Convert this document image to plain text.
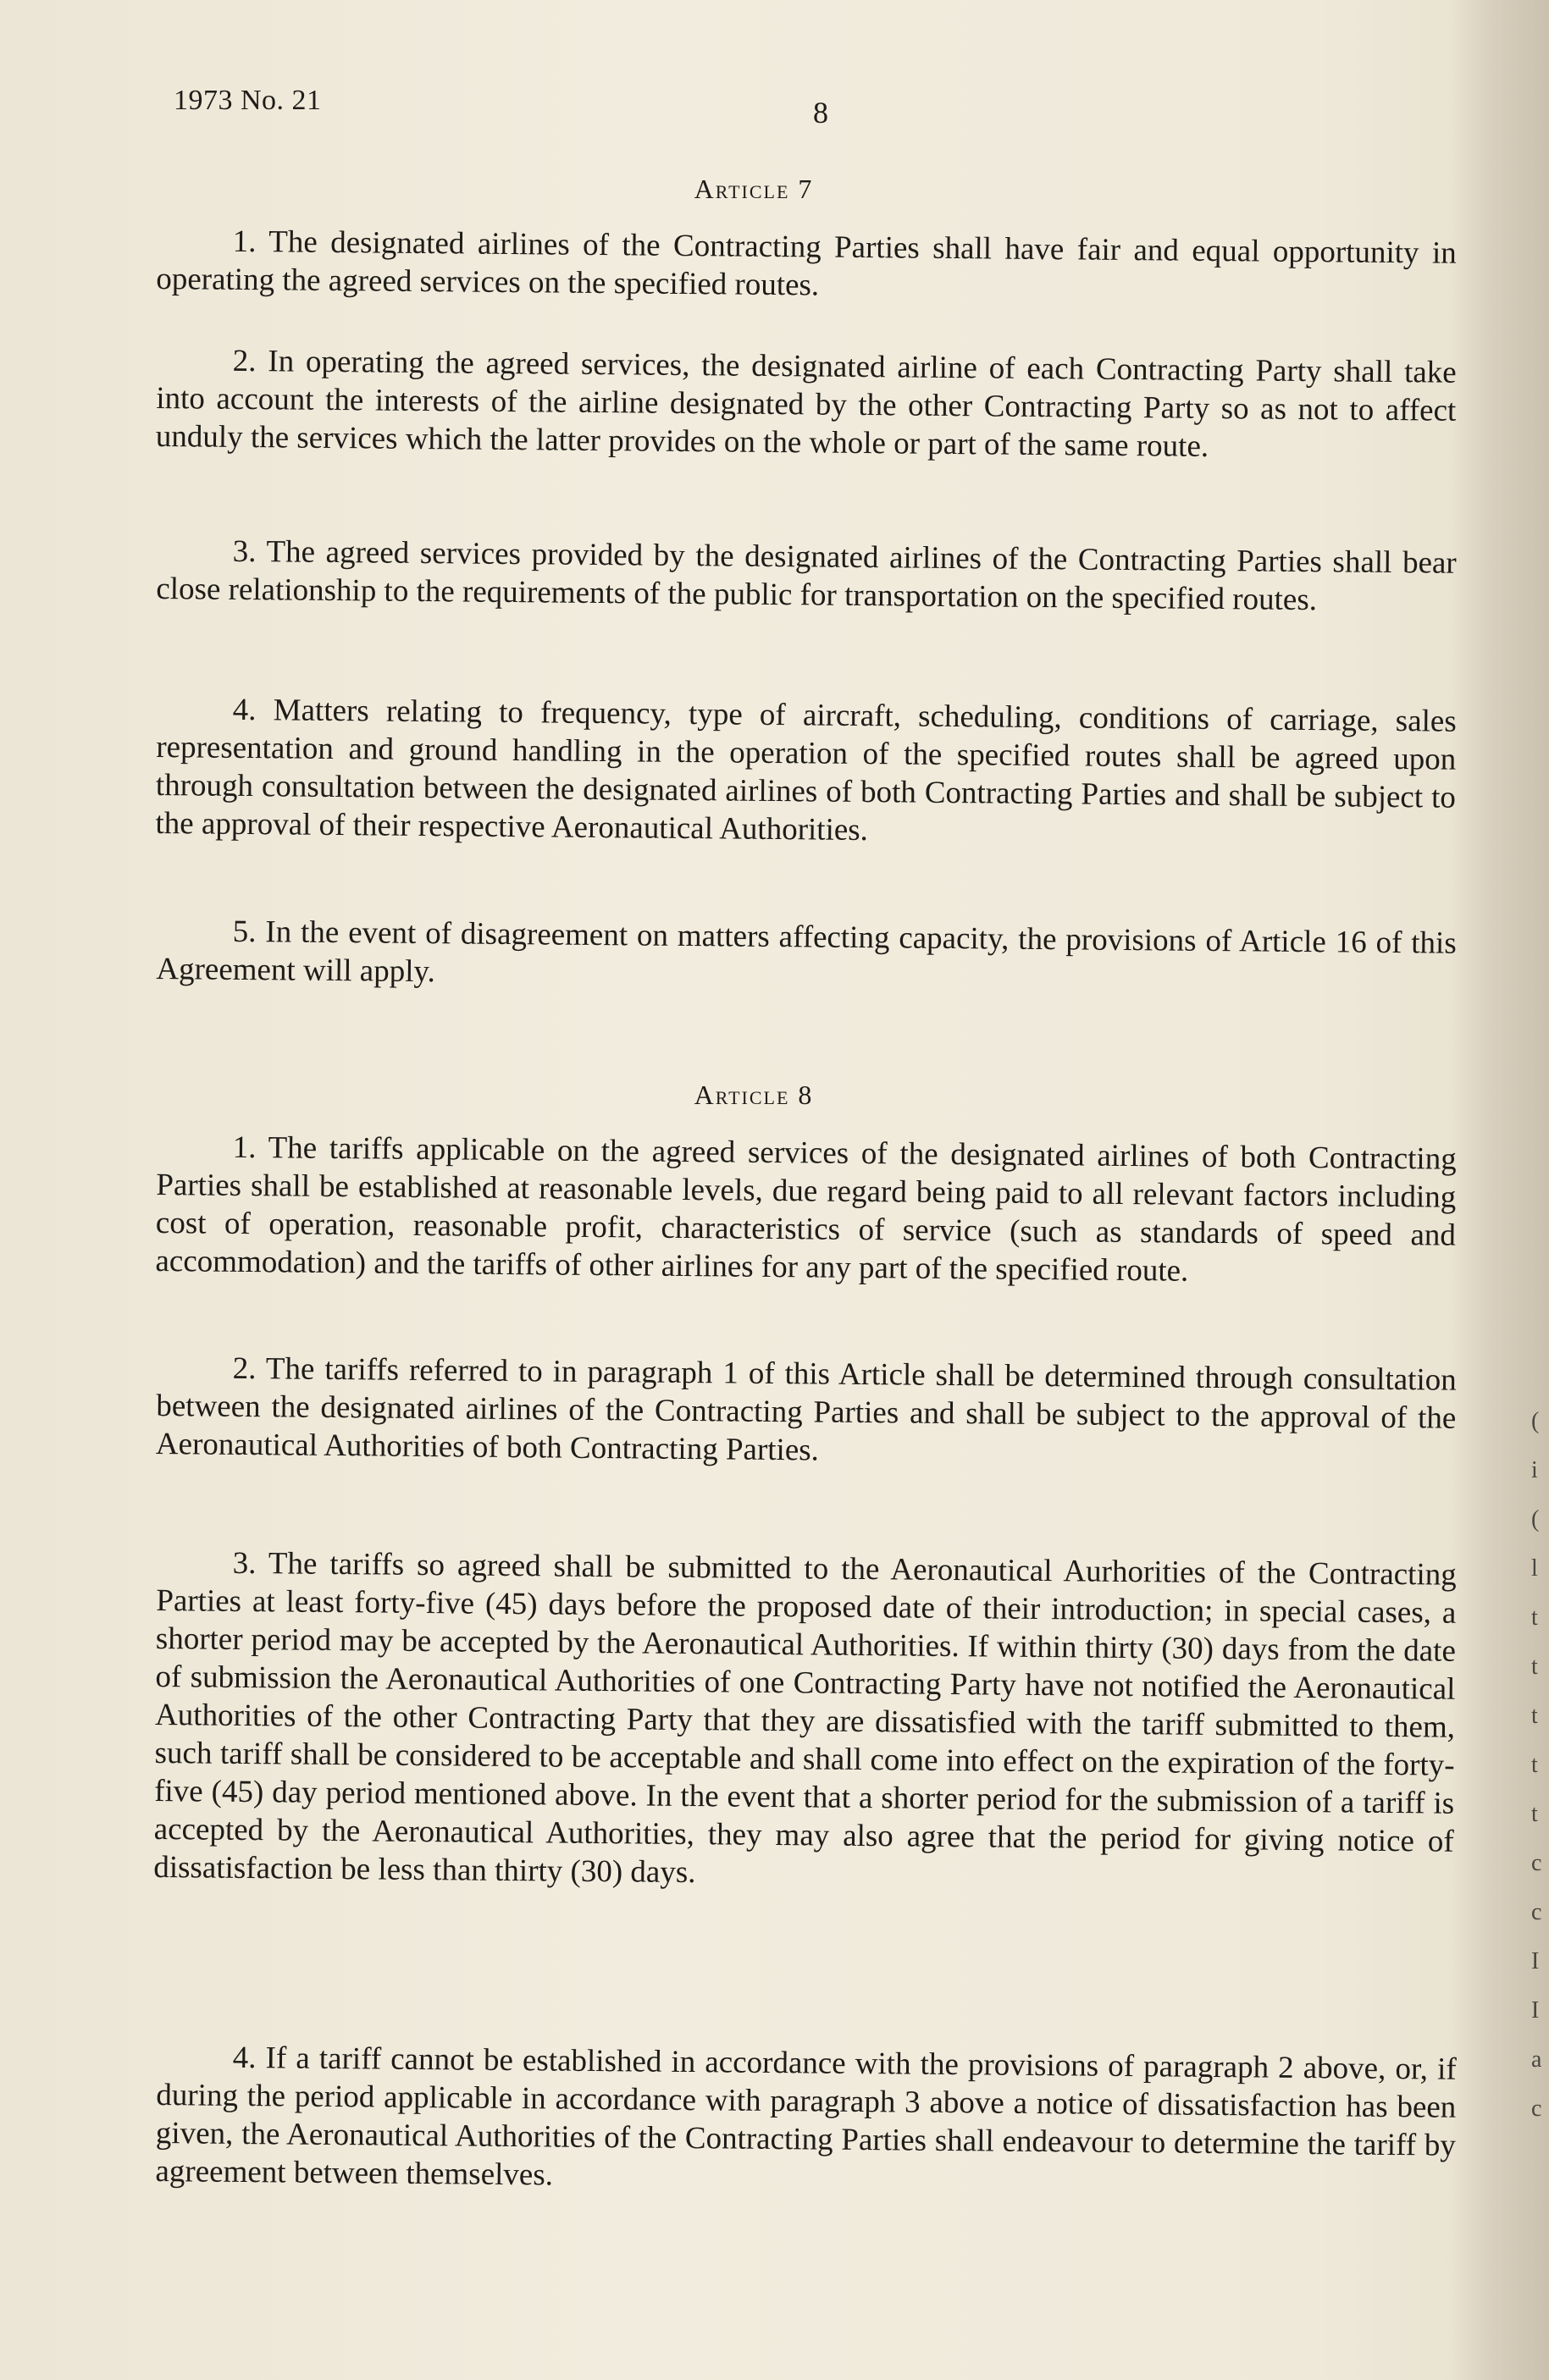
(
i
(
l
t
t
t
t
t
c
c
I
I
a
c
1973 No. 21	8
Article 7

1. The designated airlines of the Contracting Parties shall have fair and equal opportunity in operating the agreed services on the specified routes.

2. In operating the agreed services, the designated airline of each Contracting Party shall take into account the interests of the airline designated by the other Contracting Party so as not to affect unduly the services which the latter provides on the whole or part of the same route.

3. The agreed services provided by the designated airlines of the Contracting Parties shall bear close relationship to the requirements of the public for transportation on the specified routes.

4. Matters relating to frequency, type of aircraft, scheduling, conditions of carriage, sales representation and ground handling in the operation of the specified routes shall be agreed upon through consultation between the designated airlines of both Contracting Parties and shall be subject to the approval of their respective Aeronautical Authorities.

5. In the event of disagreement on matters affecting capacity, the provisions of Article 16 of this Agreement will apply.

Article 8

1. The tariffs applicable on the agreed services of the designated airlines of both Contracting Parties shall be established at reasonable levels, due regard being paid to all relevant factors including cost of operation, reasonable profit, characteristics of service (such as standards of speed and accommodation) and the tariffs of other airlines for any part of the specified route.

2. The tariffs referred to in paragraph 1 of this Article shall be determined through consultation between the designated airlines of the Contracting Parties and shall be subject to the approval of the Aeronautical Authorities of both Contracting Parties.

3. The tariffs so agreed shall be submitted to the Aeronautical Aurhorities of the Contracting Parties at least forty-five (45) days before the proposed date of their introduction; in special cases, a shorter period may be accepted by the Aeronautical Authorities. If within thirty (30) days from the date of submission the Aeronautical Authorities of one Contracting Party have not notified the Aeronautical Authorities of the other Contracting Party that they are dissatisfied with the tariff submitted to them, such tariff shall be considered to be acceptable and shall come into effect on the expiration of the forty-five (45) day period mentioned above. In the event that a shorter period for the submission of a tariff is accepted by the Aeronautical Authorities, they may also agree that the period for giving notice of dissatisfaction be less than thirty (30) days.

4. If a tariff cannot be established in accordance with the provisions of paragraph 2 above, or, if during the period applicable in accordance with paragraph 3 above a notice of dissatisfaction has been given, the Aeronautical Authorities of the Contracting Parties shall endeavour to determine the tariff by agreement between themselves.
